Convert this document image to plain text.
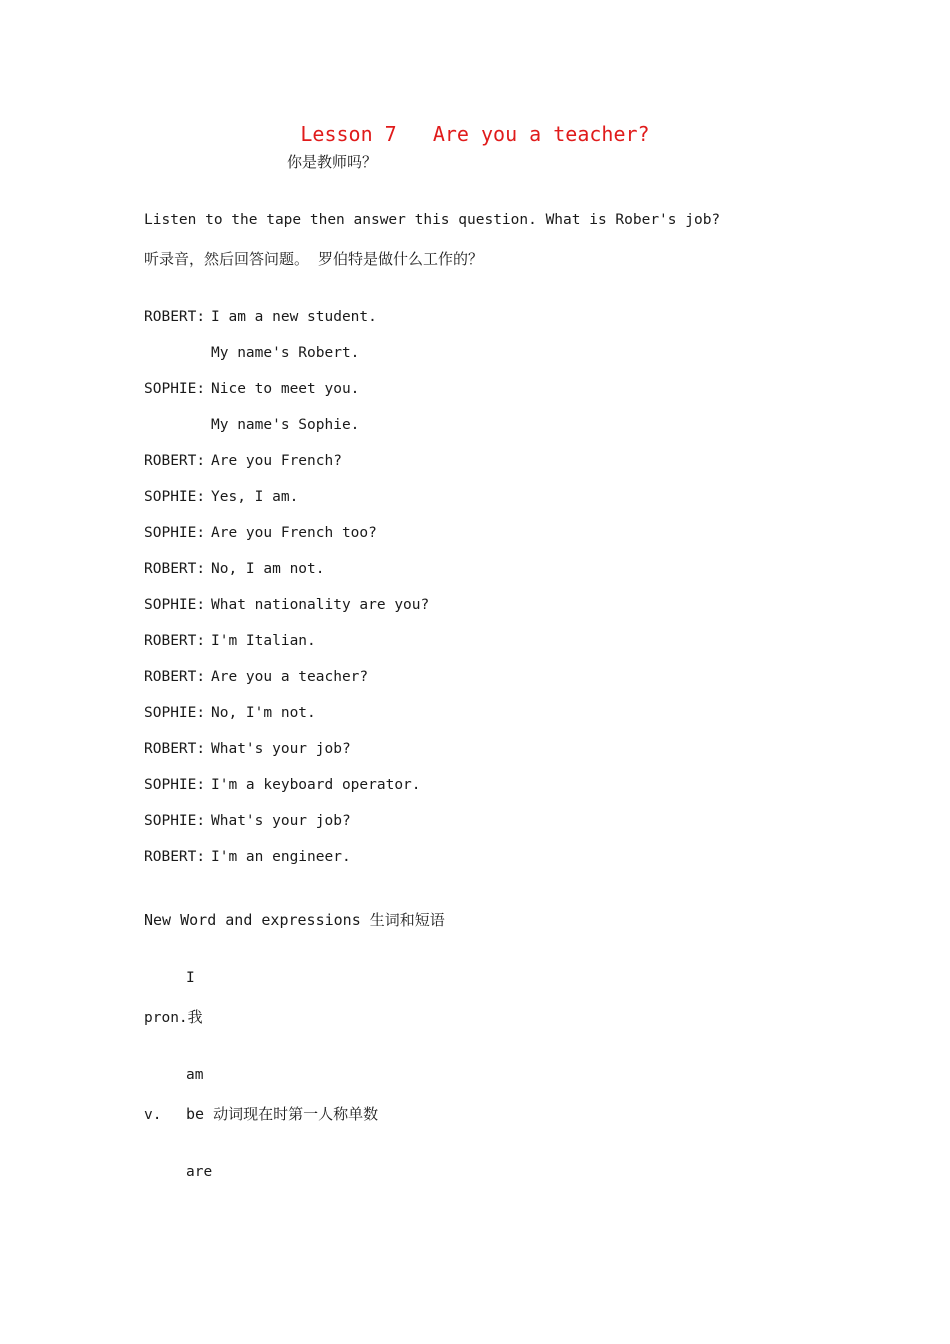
Lesson 7 Are you a teacher?
你是教师吗？
Listen to the tape then answer this question. What is Rober's job?
听录音，然后回答问题。 罗伯特是做什么工作的？
ROBERT: I am a new student.
My name's Robert.
SOPHIE: Nice to meet you.
My name's Sophie.
ROBERT: Are you French?
SOPHIE: Yes, I am.
SOPHIE: Are you French too?
ROBERT: No, I am not.
SOPHIE: What nationality are you?
ROBERT: I'm Italian.
ROBERT: Are you a teacher?
SOPHIE: No, I'm not.
ROBERT: What's your job?
SOPHIE: I'm a keyboard operator.
SOPHIE: What's your job?
ROBERT: I'm an engineer.
New Word and expressions 生词和短语
I
pron.我
am
v. be 动词现在时第一人称单数
are
